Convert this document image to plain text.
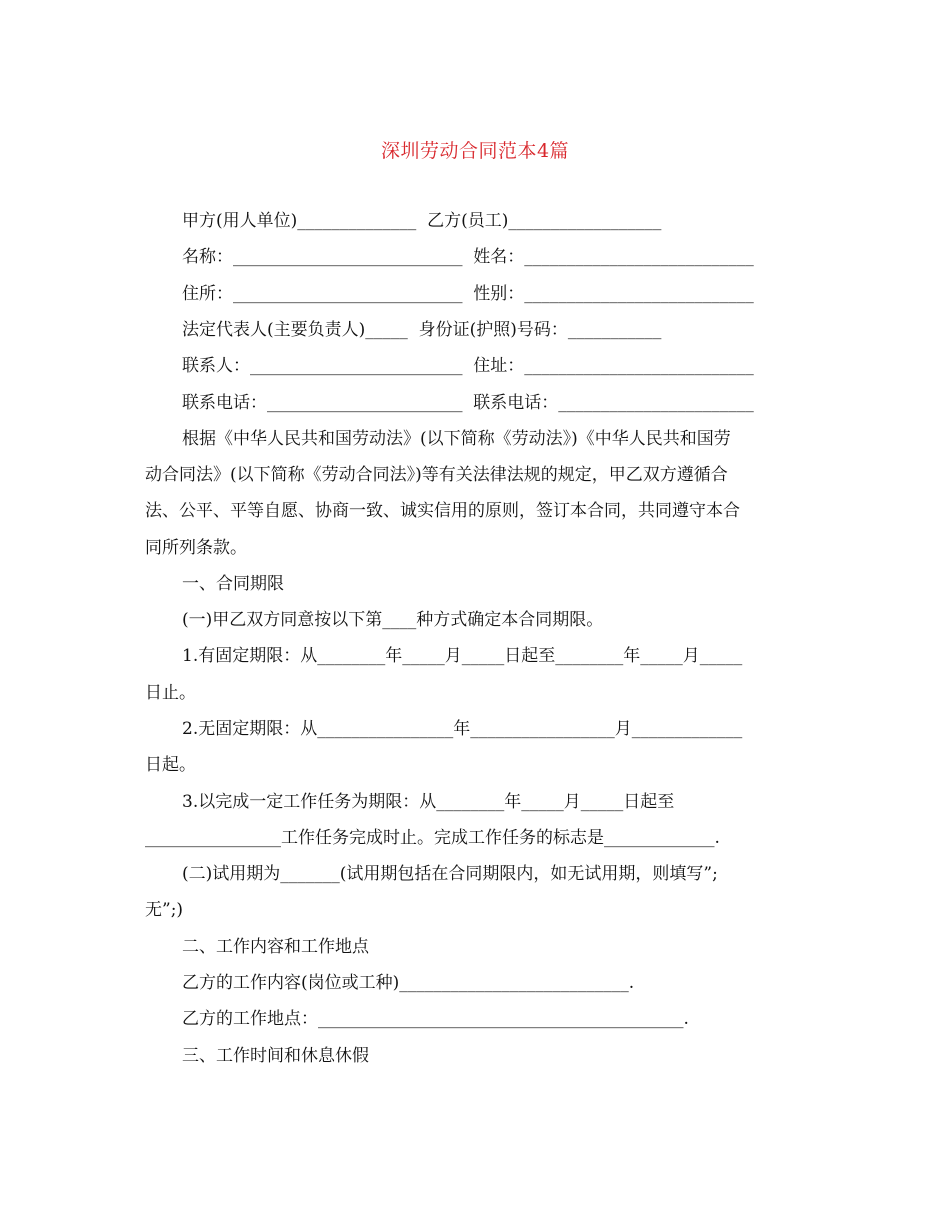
深圳劳动合同范本4篇
甲方(用人单位)______________  乙方(员工)__________________
名称：___________________________  姓名：___________________________
住所：___________________________  性别：___________________________
法定代表人(主要负责人)_____  身份证(护照)号码：___________
联系人：_________________________  住址：___________________________
联系电话：_______________________  联系电话：_______________________
根据《中华人民共和国劳动法》(以下简称《劳动法》)《中华人民共和国劳
动合同法》(以下简称《劳动合同法》)等有关法律法规的规定，甲乙双方遵循合
法、公平、平等自愿、协商一致、诚实信用的原则，签订本合同，共同遵守本合
同所列条款。
一、合同期限
(一)甲乙双方同意按以下第____种方式确定本合同期限。
1.有固定期限：从________年_____月_____日起至________年_____月_____
日止。
2.无固定期限：从________________年_________________月_____________
日起。
3.以完成一定工作任务为期限：从________年_____月_____日起至
________________工作任务完成时止。完成工作任务的标志是_____________.
(二)试用期为_______(试用期包括在合同期限内，如无试用期，则填写”;
无”;)
二、工作内容和工作地点
乙方的工作内容(岗位或工种)___________________________.
乙方的工作地点：___________________________________________.
三、工作时间和休息休假
